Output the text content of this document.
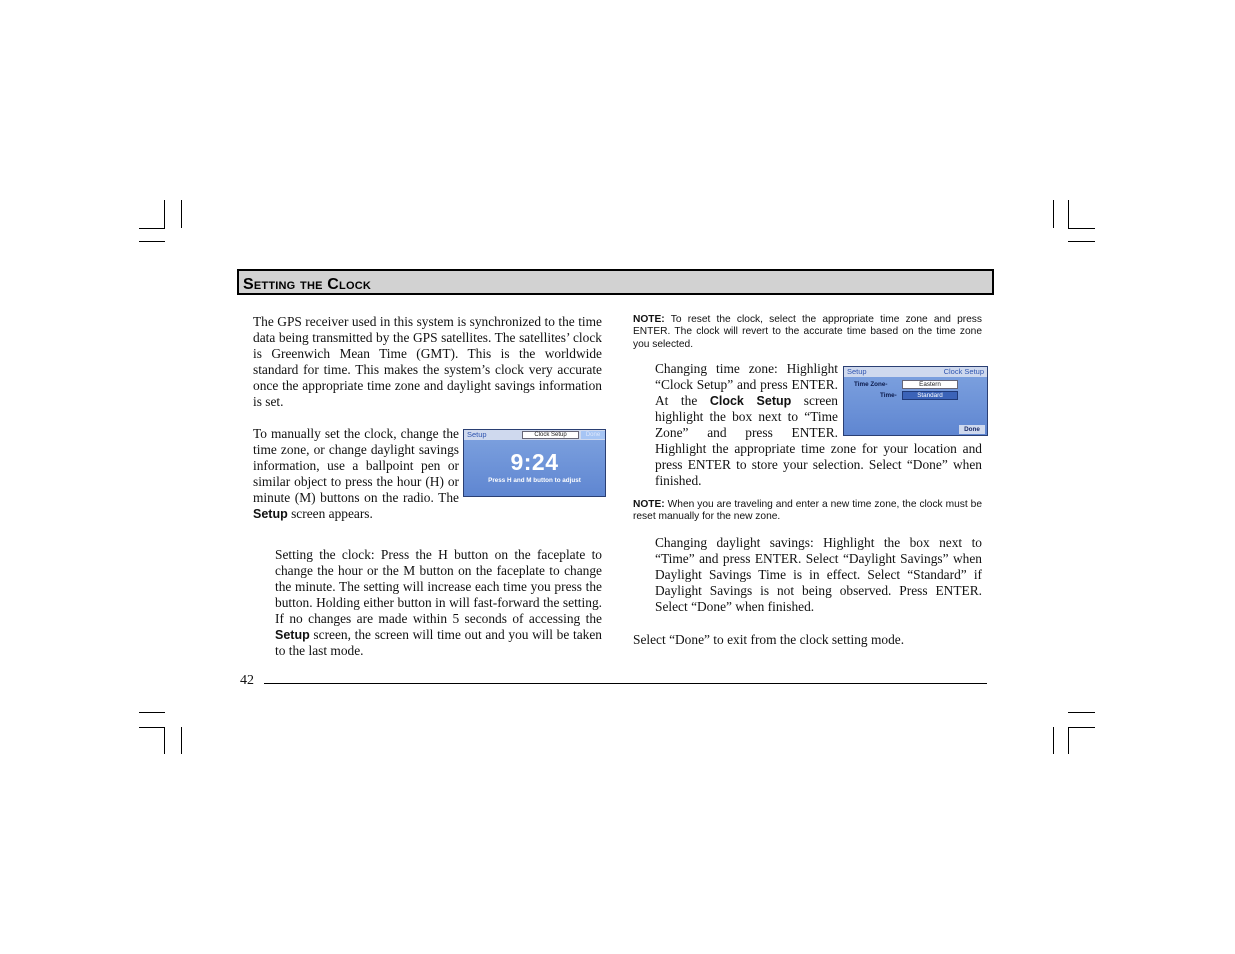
Setting the Clock

The GPS receiver used in this system is synchronized to the time data being transmitted by the GPS satellites. The satellites’ clock is Greenwich Mean Time (GMT). This is the worldwide standard for time. This makes the system’s clock very accurate once the appropriate time zone and daylight savings information is set.

To manually set the clock, change the time zone, or change daylight savings information, use a ballpoint pen or similar object to press the hour (H) or minute (M) buttons on the radio. The Setup screen appears.

Setup	Clock Setup	Done
9:24
Press H and M button to adjust

Setting the clock: Press the H button on the faceplate to change the hour or the M button on the faceplate to change the minute. The setting will increase each time you press the button. Holding either button in will fast-forward the setting. If no changes are made within 5 seconds of accessing the Setup screen, the screen will time out and you will be taken to the last mode.

NOTE: To reset the clock, select the appropriate time zone and press ENTER. The clock will revert to the accurate time based on the time zone you selected.

Setup	Clock Setup
Time Zone-	Eastern
Time-	Standard
Done

Changing time zone: Highlight “Clock Setup” and press ENTER. At the Clock Setup screen highlight the box next to “Time Zone” and press ENTER. Highlight the appropriate time zone for your location and press ENTER to store your selection. Select “Done” when finished.

NOTE: When you are traveling and enter a new time zone, the clock must be reset manually for the new zone.

Changing daylight savings: Highlight the box next to “Time” and press ENTER. Select “Daylight Savings” when Daylight Savings Time is in effect. Select “Standard” if Daylight Savings is not being observed. Press ENTER. Select “Done” when finished.

Select “Done” to exit from the clock setting mode.

42
